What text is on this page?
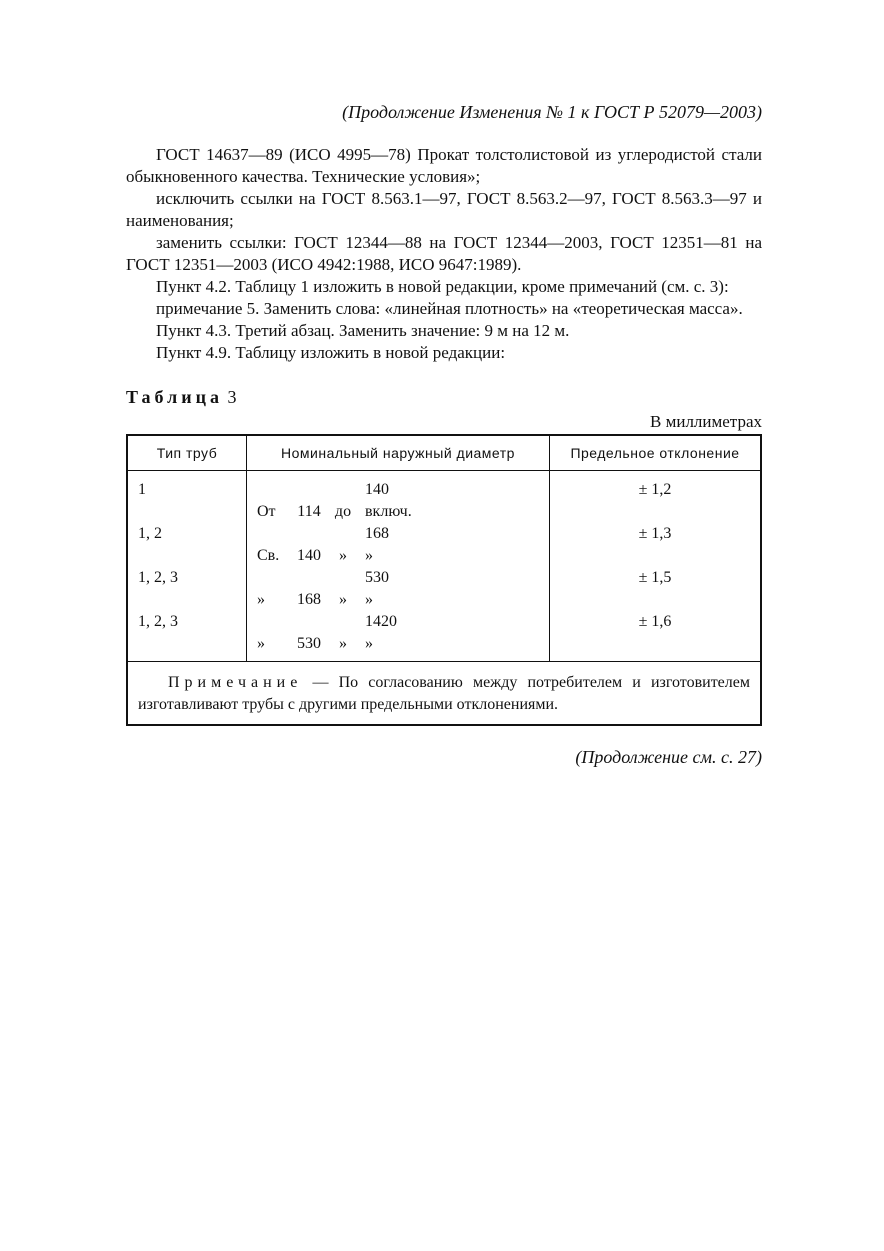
(Продолжение Изменения № 1 к ГОСТ Р 52079—2003)

ГОСТ 14637—89 (ИСО 4995—78) Прокат толстолистовой из углеродистой стали обыкновенного качества. Технические условия»;

исключить ссылки на ГОСТ 8.563.1—97, ГОСТ 8.563.2—97, ГОСТ 8.563.3—97 и наименования;

заменить ссылки: ГОСТ 12344—88 на ГОСТ 12344—2003, ГОСТ 12351—81 на ГОСТ 12351—2003 (ИСО 4942:1988, ИСО 9647:1989).

Пункт 4.2. Таблицу 1 изложить в новой редакции, кроме примечаний (см. с. 3):

примечание 5. Заменить слова: «линейная плотность» на «теоретическая масса».

Пункт 4.3. Третий абзац. Заменить значение: 9 м на 12 м.

Пункт 4.9. Таблицу изложить в новой редакции:

Таблица 3
В миллиметрах
Тип труб	Номинальный наружный диаметр	Предельное отклонение
1	От 114 до140 включ.	± 1,2
1, 2	Св. 140 »168 »	± 1,3
1, 2, 3	» 168 »530 »	± 1,5
1, 2, 3	» 530 »1420 »	± 1,6
Примечание — По согласованию между потребителем и изготовителем изготавливают трубы с другими предельными отклонениями.		
(Продолжение см. с. 27)
